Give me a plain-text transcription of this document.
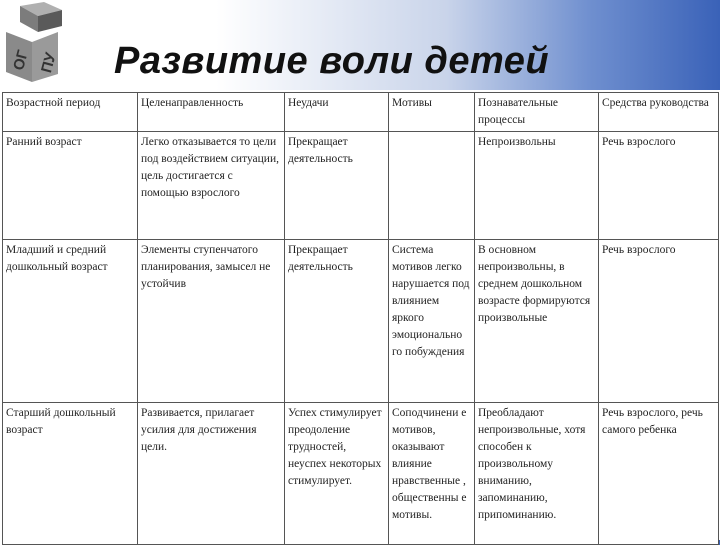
ОГ ПУ Развитие воли детей
Возрастной период	Целенаправленность	Неудачи	Мотивы	Познавательные процессы	Средства руководства
Ранний возраст	Легко отказывается то цели под воздействием ситуации, цель достигается с помощью взрослого	Прекращает деятельность		Непроизвольны	Речь взрослого
Младший и средний дошкольный возраст	Элементы ступенчатого планирования, замысел не устойчив	Прекращает деятельность	Система мотивов легко нарушается под влиянием яркого эмоционально го побуждения	В основном непроизвольны, в среднем дошкольном возрасте формируются произвольные	Речь взрослого
Старший дошкольный возраст	Развивается, прилагает усилия для достижения цели.	Успех стимулирует преодоление трудностей, неуспех некоторых стимулирует.	Соподчинени е мотивов, оказывают влияние нравственные , общественны е мотивы.	Преобладают непроизвольные, хотя способен к произвольному вниманию, запоминанию, припоминанию.	Речь взрослого, речь самого ребенка
